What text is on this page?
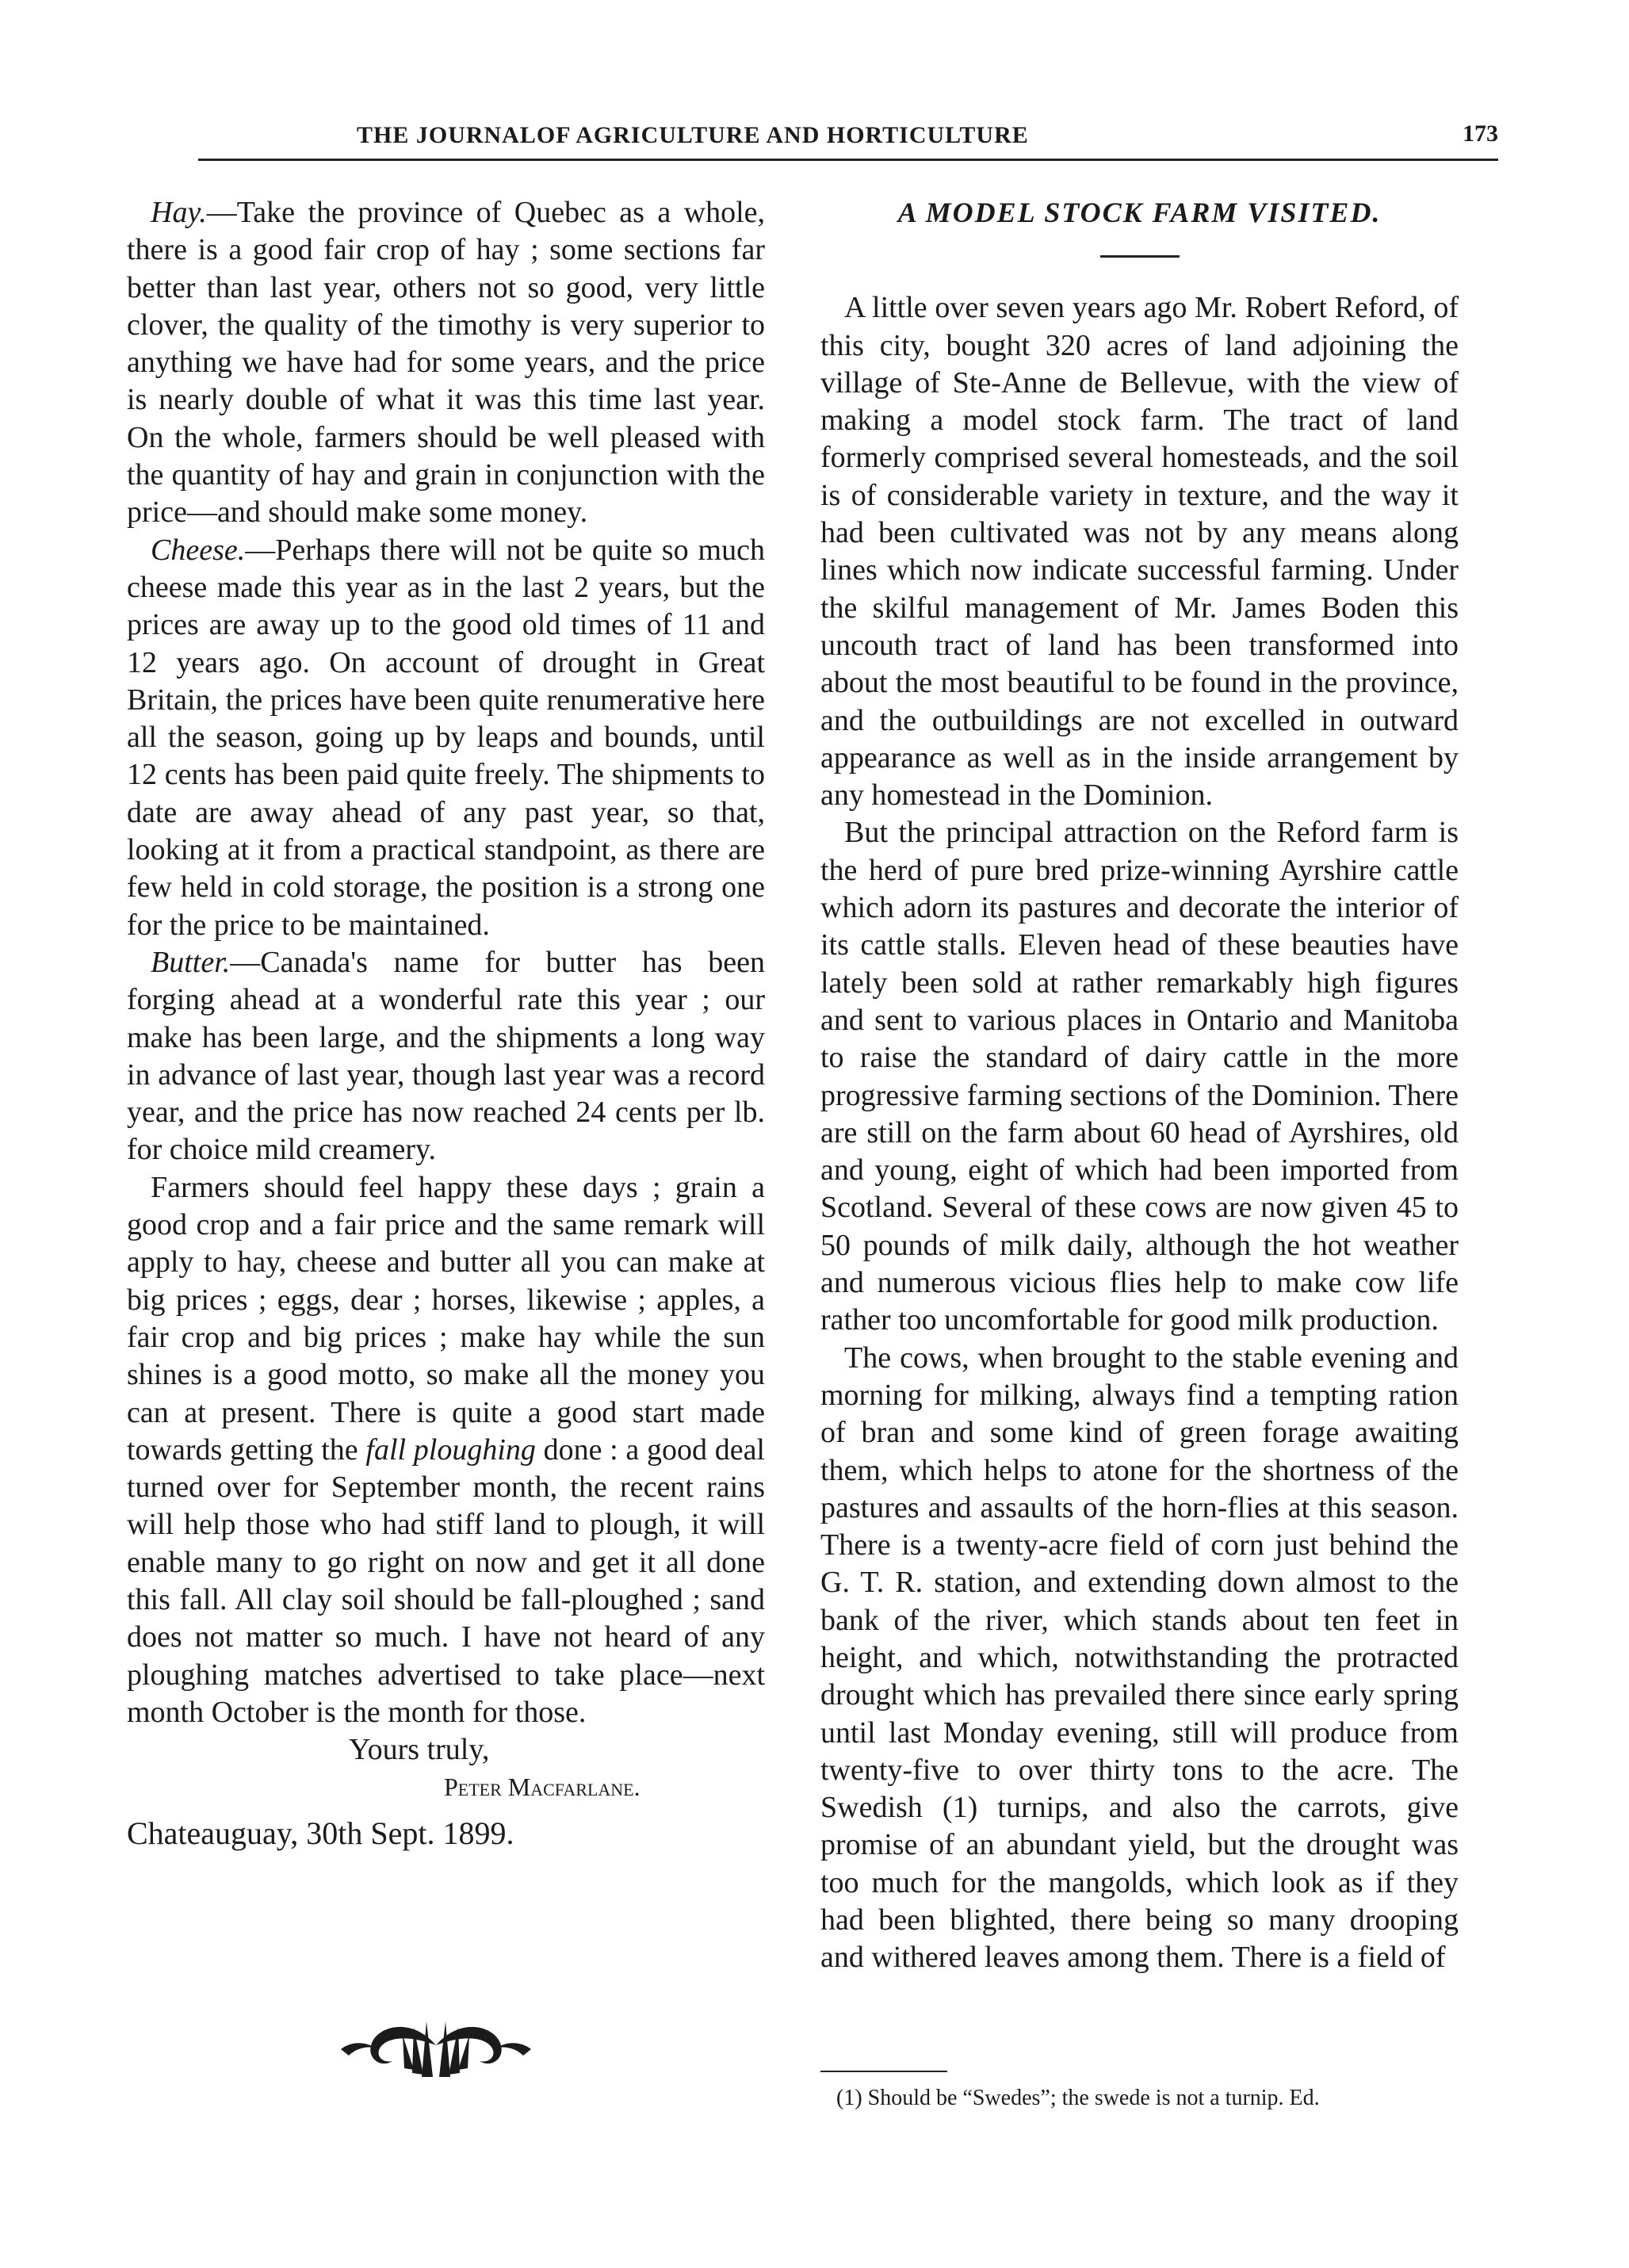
THE JOURNALOF AGRICULTURE AND HORTICULTURE	173

Hay.—Take the province of Quebec as a whole, there is a good fair crop of hay ; some sections far better than last year, others not so good, very little clover, the quality of the timothy is very superior to anything we have had for some years, and the price is nearly double of what it was this time last year. On the whole, farmers should be well pleased with the quantity of hay and grain in conjunction with the price—and should make some money.

Cheese.—Perhaps there will not be quite so much cheese made this year as in the last 2 years, but the prices are away up to the good old times of 11 and 12 years ago. On account of drought in Great Britain, the prices have been quite renumerative here all the season, going up by leaps and bounds, until 12 cents has been paid quite freely. The shipments to date are away ahead of any past year, so that, looking at it from a practical standpoint, as there are few held in cold storage, the position is a strong one for the price to be maintained.

Butter.—Canada's name for butter has been forging ahead at a wonderful rate this year ; our make has been large, and the shipments a long way in advance of last year, though last year was a record year, and the price has now reached 24 cents per lb. for choice mild creamery.

Farmers should feel happy these days ; grain a good crop and a fair price and the same remark will apply to hay, cheese and butter all you can make at big prices ; eggs, dear ; horses, likewise ; apples, a fair crop and big prices ; make hay while the sun shines is a good motto, so make all the money you can at present. There is quite a good start made towards getting the fall ploughing done : a good deal turned over for September month, the recent rains will help those who had stiff land to plough, it will enable many to go right on now and get it all done this fall. All clay soil should be fall-ploughed ; sand does not matter so much. I have not heard of any ploughing matches advertised to take place—next month October is the month for those.

Yours truly,
Peter Macfarlane.

Chateauguay, 30th Sept. 1899.

A MODEL STOCK FARM VISITED.

A little over seven years ago Mr. Robert Reford, of this city, bought 320 acres of land adjoining the village of Ste-Anne de Bellevue, with the view of making a model stock farm. The tract of land formerly comprised several homesteads, and the soil is of considerable variety in texture, and the way it had been cultivated was not by any means along lines which now indicate successful farming. Under the skilful management of Mr. James Boden this uncouth tract of land has been transformed into about the most beautiful to be found in the province, and the outbuildings are not excelled in outward appearance as well as in the inside arrangement by any homestead in the Dominion.

But the principal attraction on the Reford farm is the herd of pure bred prize-winning Ayrshire cattle which adorn its pastures and decorate the interior of its cattle stalls. Eleven head of these beauties have lately been sold at rather remarkably high figures and sent to various places in Ontario and Manitoba to raise the standard of dairy cattle in the more progressive farming sections of the Dominion. There are still on the farm about 60 head of Ayrshires, old and young, eight of which had been imported from Scotland. Several of these cows are now given 45 to 50 pounds of milk daily, although the hot weather and numerous vicious flies help to make cow life rather too uncomfortable for good milk production.

The cows, when brought to the stable evening and morning for milking, always find a tempting ration of bran and some kind of green forage awaiting them, which helps to atone for the shortness of the pastures and assaults of the horn-flies at this season. There is a twenty-acre field of corn just behind the G. T. R. station, and extending down almost to the bank of the river, which stands about ten feet in height, and which, notwithstanding the protracted drought which has prevailed there since early spring until last Monday evening, still will produce from twenty-five to over thirty tons to the acre. The Swedish (1) turnips, and also the carrots, give promise of an abundant yield, but the drought was too much for the mangolds, which look as if they had been blighted, there being so many drooping and withered leaves among them. There is a field of

(1) Should be “Swedes”; the swede is not a turnip. Ed.
